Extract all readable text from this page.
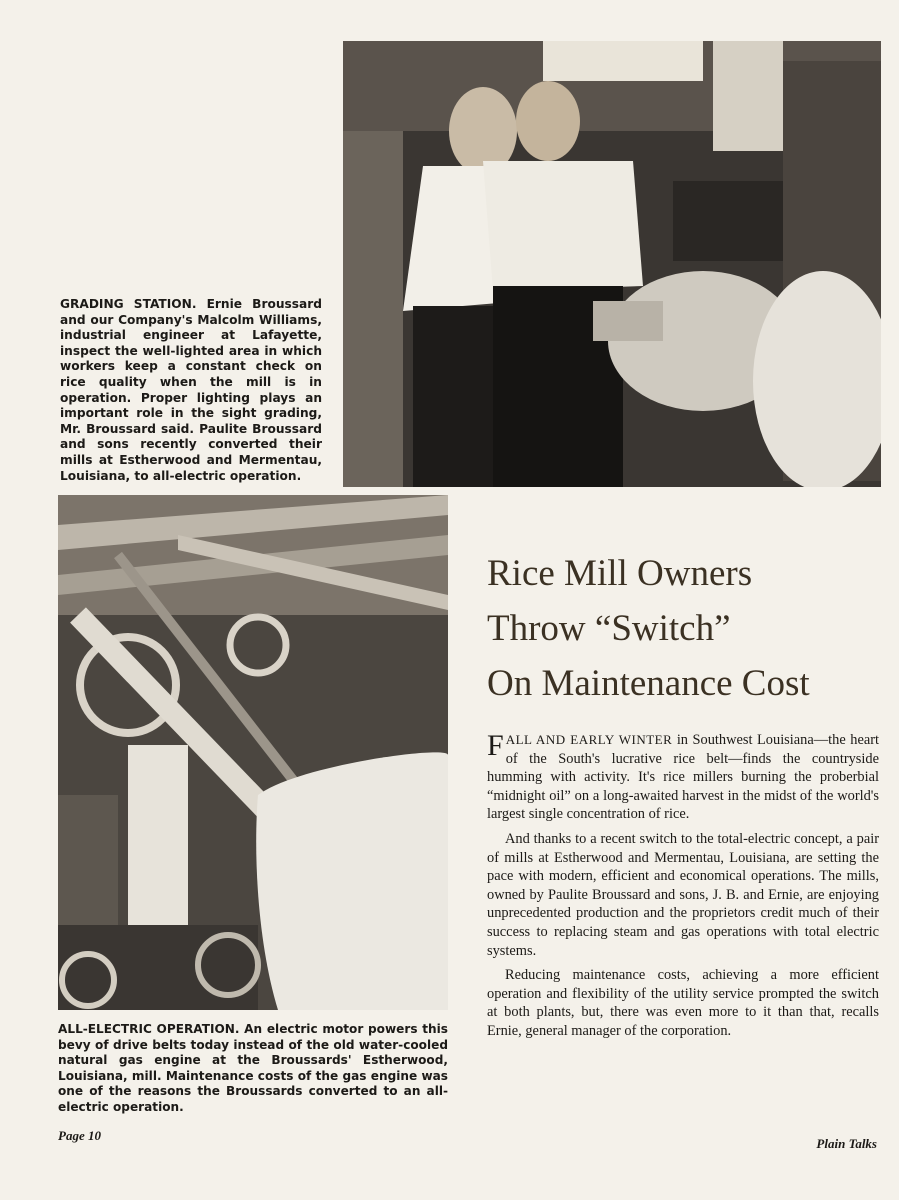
GRADING STATION. Ernie Broussard and our Company's Malcolm Williams, industrial engineer at Lafayette, inspect the well-lighted area in which workers keep a constant check on rice quality when the mill is in operation. Proper lighting plays an important role in the sight grading, Mr. Broussard said. Paulite Broussard and sons recently converted their mills at Estherwood and Mermentau, Louisiana, to all-electric operation.
ALL-ELECTRIC OPERATION. An electric motor powers this bevy of drive belts today instead of the old water-cooled natural gas engine at the Broussards' Estherwood, Louisiana, mill. Maintenance costs of the gas engine was one of the reasons the Broussards converted to an all-electric operation.
Rice Mill Owners
Throw “Switch”
On Maintenance Cost

FALL AND EARLY WINTER in Southwest Louisiana—the heart of the South's lucrative rice belt—finds the countryside humming with activity. It's rice millers burning the proberbial “midnight oil” on a long-awaited harvest in the midst of the world's largest single concentration of rice.

And thanks to a recent switch to the total-electric concept, a pair of mills at Estherwood and Mermentau, Louisiana, are setting the pace with modern, efficient and economical operations. The mills, owned by Paulite Broussard and sons, J. B. and Ernie, are enjoying unprecedented production and the proprietors credit much of their success to replacing steam and gas operations with total electric systems.

Reducing maintenance costs, achieving a more efficient operation and flexibility of the utility service prompted the switch at both plants, but, there was even more to it than that, recalls Ernie, general manager of the corporation.

Page 10
Plain Talks
